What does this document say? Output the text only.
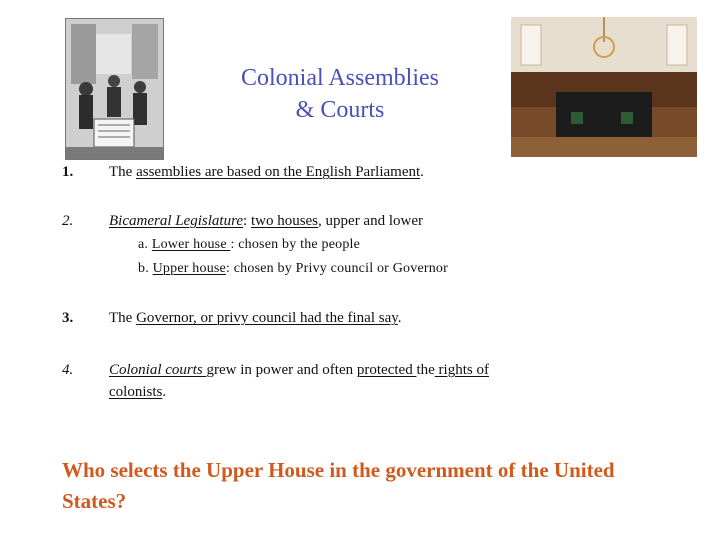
Colonial Assemblies
& Courts
1. The assemblies are based on the English Parliament.
2. Bicameral Legislature: two houses, upper and lower
a. Lower house : chosen by the people
b. Upper house: chosen by Privy council or Governor
3. The Governor, or privy council had the final say.
4. Colonial courts grew in power and often protected the rights of
colonists.
Who selects the Upper House in the government of the United States?
